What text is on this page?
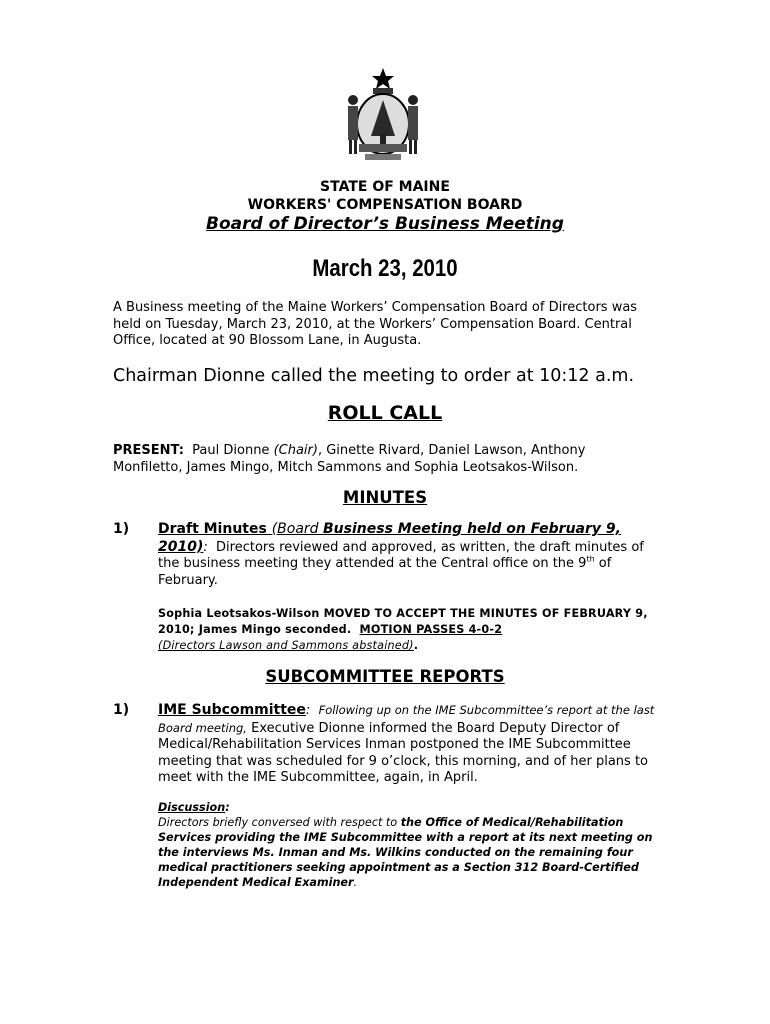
STATE OF MAINE
WORKERS' COMPENSATION BOARD
Board of Director’s Business Meeting
March 23, 2010
A Business meeting of the Maine Workers’ Compensation Board of Directors was held on Tuesday, March 23, 2010, at the Workers’ Compensation Board. Central Office, located at 90 Blossom Lane, in Augusta.
Chairman Dionne called the meeting to order at 10:12 a.m.
ROLL CALL
PRESENT: Paul Dionne (Chair), Ginette Rivard, Daniel Lawson, Anthony Monfiletto, James Mingo, Mitch Sammons and Sophia Leotsakos-Wilson.
MINUTES
1) Draft Minutes (Board Business Meeting held on February 9, 2010): Directors reviewed and approved, as written, the draft minutes of the business meeting they attended at the Central office on the 9th of February.
Sophia Leotsakos-Wilson MOVED TO ACCEPT THE MINUTES OF FEBRUARY 9, 2010; James Mingo seconded. MOTION PASSES 4-0-2
(Directors Lawson and Sammons abstained).
SUBCOMMITTEE REPORTS
1) IME Subcommittee: Following up on the IME Subcommittee’s report at the last Board meeting, Executive Dionne informed the Board Deputy Director of Medical/Rehabilitation Services Inman postponed the IME Subcommittee meeting that was scheduled for 9 o’clock, this morning, and of her plans to meet with the IME Subcommittee, again, in April.
Discussion:
Directors briefly conversed with respect to the Office of Medical/Rehabilitation Services providing the IME Subcommittee with a report at its next meeting on the interviews Ms. Inman and Ms. Wilkins conducted on the remaining four medical practitioners seeking appointment as a Section 312 Board-Certified Independent Medical Examiner.
